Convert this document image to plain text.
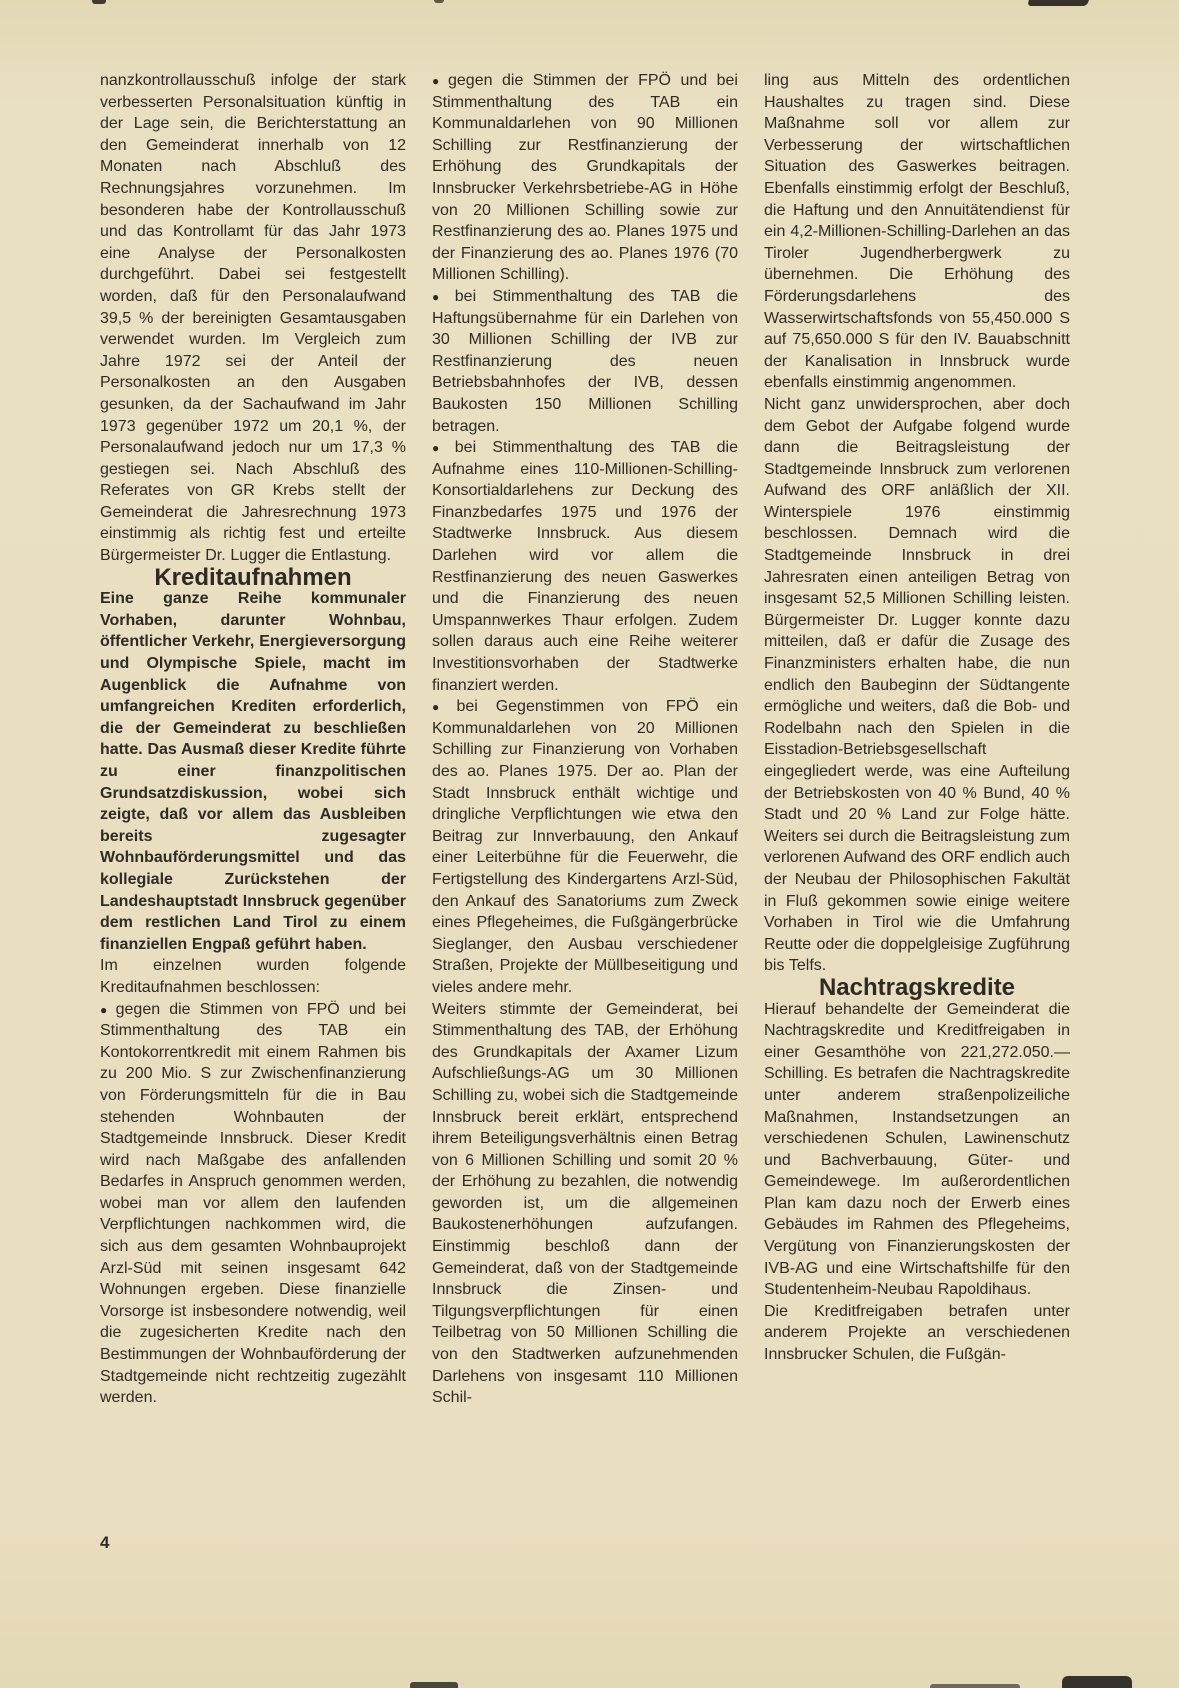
nanzkontrollausschuß infolge der stark verbesserten Personalsituation künftig in der Lage sein, die Berichterstattung an den Gemeinderat innerhalb von 12 Monaten nach Abschluß des Rechnungsjahres vorzunehmen. Im besonderen habe der Kontrollausschuß und das Kontrollamt für das Jahr 1973 eine Analyse der Personalkosten durchgeführt. Dabei sei festgestellt worden, daß für den Personalaufwand 39,5 % der bereinigten Gesamtausgaben verwendet wurden. Im Vergleich zum Jahre 1972 sei der Anteil der Personalkosten an den Ausgaben gesunken, da der Sachaufwand im Jahr 1973 gegenüber 1972 um 20,1 %, der Personalaufwand jedoch nur um 17,3 % gestiegen sei. Nach Abschluß des Referates von GR Krebs stellt der Gemeinderat die Jahresrechnung 1973 einstimmig als richtig fest und erteilte Bürgermeister Dr. Lugger die Entlastung.

Kreditaufnahmen

Eine ganze Reihe kommunaler Vorhaben, darunter Wohnbau, öffentlicher Verkehr, Energieversorgung und Olympische Spiele, macht im Augenblick die Aufnahme von umfangreichen Krediten erforderlich, die der Gemeinderat zu beschließen hatte. Das Ausmaß dieser Kredite führte zu einer finanzpolitischen Grundsatzdiskussion, wobei sich zeigte, daß vor allem das Ausbleiben bereits zugesagter Wohnbauförderungsmittel und das kollegiale Zurückstehen der Landeshauptstadt Innsbruck gegenüber dem restlichen Land Tirol zu einem finanziellen Engpaß geführt haben.

Im einzelnen wurden folgende Kreditaufnahmen beschlossen:

● gegen die Stimmen von FPÖ und bei Stimmenthaltung des TAB ein Kontokorrentkredit mit einem Rahmen bis zu 200 Mio. S zur Zwischenfinanzierung von Förderungsmitteln für die in Bau stehenden Wohnbauten der Stadtgemeinde Innsbruck. Dieser Kredit wird nach Maßgabe des anfallenden Bedarfes in Anspruch genommen werden, wobei man vor allem den laufenden Verpflichtungen nachkommen wird, die sich aus dem gesamten Wohnbauprojekt Arzl-Süd mit seinen insgesamt 642 Wohnungen ergeben. Diese finanzielle Vorsorge ist insbesondere notwendig, weil die zugesicherten Kredite nach den Bestimmungen der Wohnbauförderung der Stadtgemeinde nicht rechtzeitig zugezählt werden.

● gegen die Stimmen der FPÖ und bei Stimmenthaltung des TAB ein Kommunaldarlehen von 90 Millionen Schilling zur Restfinanzierung der Erhöhung des Grundkapitals der Innsbrucker Verkehrsbetriebe-AG in Höhe von 20 Millionen Schilling sowie zur Restfinanzierung des ao. Planes 1975 und der Finanzierung des ao. Planes 1976 (70 Millionen Schilling).

● bei Stimmenthaltung des TAB die Haftungsübernahme für ein Darlehen von 30 Millionen Schilling der IVB zur Restfinanzierung des neuen Betriebsbahnhofes der IVB, dessen Baukosten 150 Millionen Schilling betragen.

● bei Stimmenthaltung des TAB die Aufnahme eines 110-Millionen-Schilling-Konsortialdarlehens zur Deckung des Finanzbedarfes 1975 und 1976 der Stadtwerke Innsbruck. Aus diesem Darlehen wird vor allem die Restfinanzierung des neuen Gaswerkes und die Finanzierung des neuen Umspannwerkes Thaur erfolgen. Zudem sollen daraus auch eine Reihe weiterer Investitionsvorhaben der Stadtwerke finanziert werden.

● bei Gegenstimmen von FPÖ ein Kommunaldarlehen von 20 Millionen Schilling zur Finanzierung von Vorhaben des ao. Planes 1975. Der ao. Plan der Stadt Innsbruck enthält wichtige und dringliche Verpflichtungen wie etwa den Beitrag zur Innverbauung, den Ankauf einer Leiterbühne für die Feuerwehr, die Fertigstellung des Kindergartens Arzl-Süd, den Ankauf des Sanatoriums zum Zweck eines Pflegeheimes, die Fußgängerbrücke Sieglanger, den Ausbau verschiedener Straßen, Projekte der Müllbeseitigung und vieles andere mehr.

Weiters stimmte der Gemeinderat, bei Stimmenthaltung des TAB, der Erhöhung des Grundkapitals der Axamer Lizum Aufschließungs-AG um 30 Millionen Schilling zu, wobei sich die Stadtgemeinde Innsbruck bereit erklärt, entsprechend ihrem Beteiligungsverhältnis einen Betrag von 6 Millionen Schilling und somit 20 % der Erhöhung zu bezahlen, die notwendig geworden ist, um die allgemeinen Baukostenerhöhungen aufzufangen. Einstimmig beschloß dann der Gemeinderat, daß von der Stadtgemeinde Innsbruck die Zinsen- und Tilgungsverpflichtungen für einen Teilbetrag von 50 Millionen Schilling die von den Stadtwerken aufzunehmenden Darlehens von insgesamt 110 Millionen Schil-

ling aus Mitteln des ordentlichen Haushaltes zu tragen sind. Diese Maßnahme soll vor allem zur Verbesserung der wirtschaftlichen Situation des Gaswerkes beitragen. Ebenfalls einstimmig erfolgt der Beschluß, die Haftung und den Annuitätendienst für ein 4,2-Millionen-Schilling-Darlehen an das Tiroler Jugendherbergwerk zu übernehmen. Die Erhöhung des Förderungsdarlehens des Wasserwirtschaftsfonds von 55,450.000 S auf 75,650.000 S für den IV. Bauabschnitt der Kanalisation in Innsbruck wurde ebenfalls einstimmig angenommen.

Nicht ganz unwidersprochen, aber doch dem Gebot der Aufgabe folgend wurde dann die Beitragsleistung der Stadtgemeinde Innsbruck zum verlorenen Aufwand des ORF anläßlich der XII. Winterspiele 1976 einstimmig beschlossen. Demnach wird die Stadtgemeinde Innsbruck in drei Jahresraten einen anteiligen Betrag von insgesamt 52,5 Millionen Schilling leisten. Bürgermeister Dr. Lugger konnte dazu mitteilen, daß er dafür die Zusage des Finanzministers erhalten habe, die nun endlich den Baubeginn der Südtangente ermögliche und weiters, daß die Bob- und Rodelbahn nach den Spielen in die Eisstadion-Betriebsgesellschaft eingegliedert werde, was eine Aufteilung der Betriebskosten von 40 % Bund, 40 % Stadt und 20 % Land zur Folge hätte. Weiters sei durch die Beitragsleistung zum verlorenen Aufwand des ORF endlich auch der Neubau der Philosophischen Fakultät in Fluß gekommen sowie einige weitere Vorhaben in Tirol wie die Umfahrung Reutte oder die doppelgleisige Zugführung bis Telfs.

Nachtragskredite

Hierauf behandelte der Gemeinderat die Nachtragskredite und Kreditfreigaben in einer Gesamthöhe von 221,272.050.— Schilling. Es betrafen die Nachtragskredite unter anderem straßenpolizeiliche Maßnahmen, Instandsetzungen an verschiedenen Schulen, Lawinenschutz und Bachverbauung, Güter- und Gemeindewege. Im außerordentlichen Plan kam dazu noch der Erwerb eines Gebäudes im Rahmen des Pflegeheims, Vergütung von Finanzierungskosten der IVB-AG und eine Wirtschaftshilfe für den Studentenheim-Neubau Rapoldihaus.

Die Kreditfreigaben betrafen unter anderem Projekte an verschiedenen Innsbrucker Schulen, die Fußgän-

4
